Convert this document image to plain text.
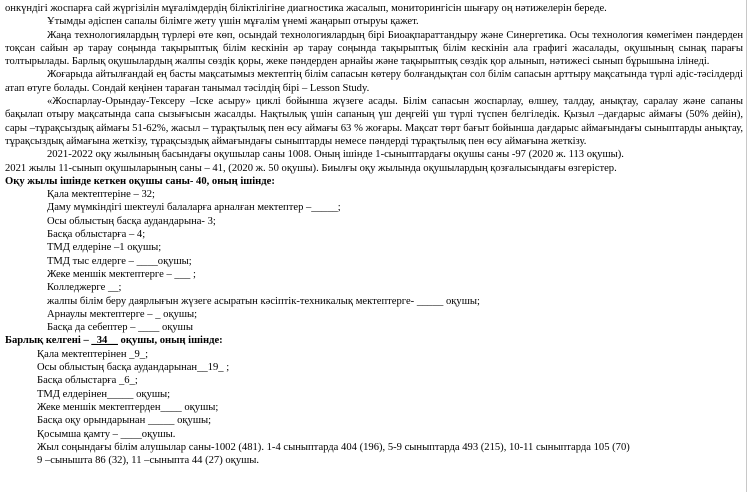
онкүндігі жоспарға сай жүргізілін мұғалімдердің біліктілігіне диагностика жасалып, мониторингісін шығару оң нәтижелерін береде.

Ұтымды әдіспен сапалы білімге жету үшін мұғалім үнемі жаңарып отыруы қажет.

Жаңа технологиялардың түрлері өте көп, осындай технологиялардың бірі Биоақпараттандыру және Синергетика. Осы технология көмегімен пәндерден тоқсан сайын әр тарау соңында тақырыптық білім кескінін әр тарау соңында тақырыптық білім кескінін ала графигі жасалады, оқушының сынақ парағы толтырылады. Барлық оқушылардың жалпы сөздік қоры, жеке пәндерден арнайы және тақырыптық сөздік қор алынып, нәтижесі сынып бұрышына ілінеді.

Жоғарыда айтылғандай ең басты мақсатымыз мектептің білім сапасын көтеру болғандықтан сол білім сапасын арттыру мақсатында түрлі әдіс-тәсілдерді атап өтуге болады. Сондай кеңінен тараған танымал тәсілдің бірі – Lesson Study.

«Жоспарлау-Орындау-Тексеру –Іске асыру» циклі бойынша жүзеге асады. Білім сапасын жоспарлау, өлшеу, талдау, анықтау, саралау және сапаны бақылап отыру мақсатында сапа сызығысын жасалды. Нақтылық үшін сапаның үш деңгейі үш түрлі түспен белгіледік. Қызыл –дағдарыс аймағы (50% дейін), сары –тұрақсыздық аймағы 51-62%, жасыл – тұрақтылық пен өсу аймағы 63 % жоғары. Мақсат төрт бағыт бойынша дағдарыс аймағындағы сыныптарды анықтау, тұрақсыздық аймағына жеткізу, тұрақсыздық аймағындағы сыныптарды немесе пәндерді тұрақтылық пен өсу аймағына жеткізу.

2021-2022 оқу жылының басындағы оқушылар саны 1008. Оның ішінде 1-сыныптардағы оқушы саны -97 (2020 ж. 113 оқушы).

2021 жылы 11-сынып оқушыларының саны – 41, (2020 ж. 50 оқушы). Биылғы оқу жылында оқушылардың қозғалысындағы өзгерістер.

Оқу жылы ішінде кеткен оқушы саны- 40, оның ішінде:

Қала мектептеріне – 32;

Даму мүмкіндігі шектеулі балаларға арналған мектептер –_____;

Осы облыстың басқа аудандарына- 3;

Басқа облыстарға – 4;

ТМД елдеріне –1 оқушы;

ТМД тыс елдерге – ____оқушы;

Жеке меншік мектептерге – ___ ;

Колледжерге __;

жалпы білім беру даярлығын жүзеге асыратын кәсіптік-техникалық мектептерге- _____ оқушы;

Арнаулы мектептерге – _ оқушы;

Басқа да себептер – ____ оқушы

Барлық келгені – _34__ оқушы, оның ішінде:

Қала мектептерінен _9_;

Осы облыстың басқа аудандарынан__19_ ;

Басқа облыстарға _6_;

ТМД елдерінен_____ оқушы;

Жеке меншік мектептерден____ оқушы;

Басқа оқу орындарынан _____ оқушы;

Қосымша қамту – ____оқушы.

Жыл соңындағы білім алушылар саны-1002 (481). 1-4 сыныптарда 404 (196), 5-9 сыныптарда 493 (215), 10-11 сыныптарда 105 (70)

9 –сынышта 86 (32), 11 –сыныпта 44 (27) оқушы.
